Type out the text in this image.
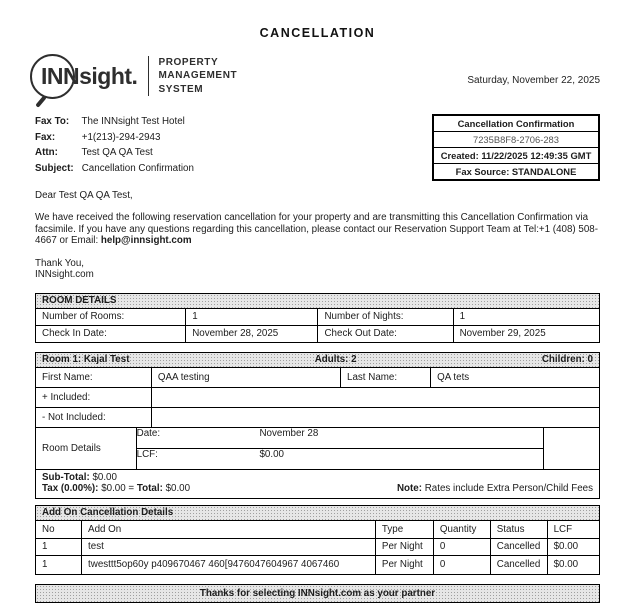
CANCELLATION
INNsight.
PROPERTY
MANAGEMENT
SYSTEM
Saturday, November 22, 2025
Fax To: The INNsight Test Hotel
Fax:	+1(213)-294-2943
Attn: Test QA QA Test
Subject: Cancellation Confirmation
Cancellation Confirmation
7235B8F8-2706-283
Created: 11/22/2025 12:49:35 GMT
Fax Source: STANDALONE
Dear Test QA QA Test,
We have received the following reservation cancellation for your property and are transmitting this Cancellation Confirmation via facsimile. If you have any questions regarding this cancellation, please contact our Reservation Support Team at Tel:+1 (408) 508-4667 or Email: help@innsight.com
Thank You,
INNsight.com
ROOM DETAILS
Number of Rooms:	1	Number of Nights:	1
Check In Date:	November 28, 2025	Check Out Date:	November 29, 2025
Room 1: Kajal Test	Adults: 2	Children: 0
First Name:	QAA testing	Last Name:	QA tets
+ Included:
- Not Included:
Room Details
Date:	November 28
LCF:	$0.00
Sub-Total: $0.00
Tax (0.00%): $0.00 = Total: $0.00	Note: Rates include Extra Person/Child Fees
Add On Cancellation Details
No	Add On	Type	Quantity	Status	LCF
1	test	Per Night	0	Cancelled	$0.00
1	twesttt5op60y p409670467 460[9476047604967 4067460	Per Night	0	Cancelled	$0.00
Thanks for selecting INNsight.com as your partner
